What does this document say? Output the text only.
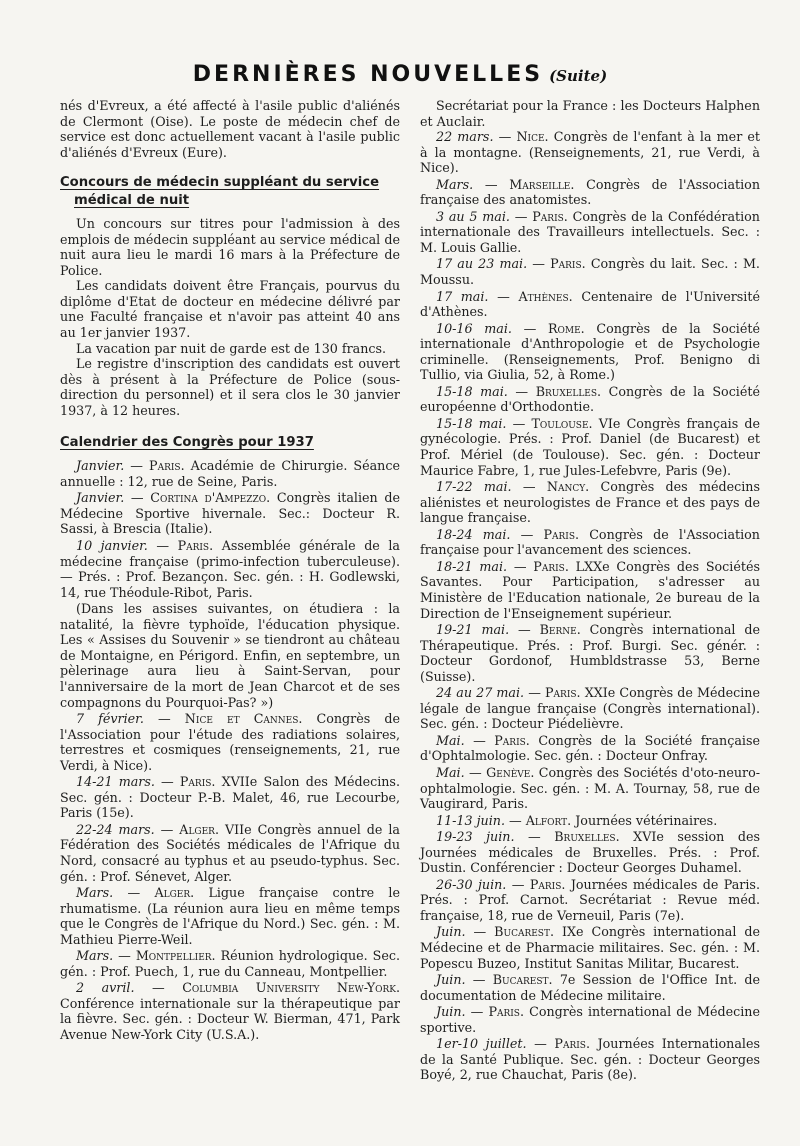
DERNIÈRES NOUVELLES (Suite)

nés d'Evreux, a été affecté à l'asile public d'aliénés de Clermont (Oise). Le poste de médecin chef de service est donc actuellement vacant à l'asile public d'aliénés d'Evreux (Eure).

Concours de médecin suppléant du service
médical de nuit

Un concours sur titres pour l'admission à des emplois de médecin suppléant au service médical de nuit aura lieu le mardi 16 mars à la Préfecture de Police.

Les candidats doivent être Français, pourvus du diplôme d'Etat de docteur en médecine délivré par une Faculté française et n'avoir pas atteint 40 ans au 1er janvier 1937.

La vacation par nuit de garde est de 130 francs.

Le registre d'inscription des candidats est ouvert dès à présent à la Préfecture de Police (sous-direction du personnel) et il sera clos le 30 janvier 1937, à 12 heures.

Calendrier des Congrès pour 1937

Janvier. — Paris. Académie de Chirurgie. Séance annuelle : 12, rue de Seine, Paris.

Janvier. — Cortina d'Ampezzo. Congrès italien de Médecine Sportive hivernale. Sec.: Docteur R. Sassi, à Brescia (Italie).

10 janvier. — Paris. Assemblée générale de la médecine française (primo-infection tuberculeuse). — Prés. : Prof. Bezançon. Sec. gén. : H. Godlewski, 14, rue Théodule-Ribot, Paris.

(Dans les assises suivantes, on étudiera : la natalité, la fièvre typhoïde, l'éducation physique. Les « Assises du Souvenir » se tiendront au château de Montaigne, en Périgord. Enfin, en septembre, un pèlerinage aura lieu à Saint-Servan, pour l'anniversaire de la mort de Jean Charcot et de ses compagnons du Pourquoi-Pas? »)

7 février. — Nice et Cannes. Congrès de l'Association pour l'étude des radiations solaires, terrestres et cosmiques (renseignements, 21, rue Verdi, à Nice).

14-21 mars. — Paris. XVIIe Salon des Médecins. Sec. gén. : Docteur P.-B. Malet, 46, rue Lecourbe, Paris (15e).

22-24 mars. — Alger. VIIe Congrès annuel de la Fédération des Sociétés médicales de l'Afrique du Nord, consacré au typhus et au pseudo-typhus. Sec. gén. : Prof. Sénevet, Alger.

Mars. — Alger. Ligue française contre le rhumatisme. (La réunion aura lieu en même temps que le Congrès de l'Afrique du Nord.) Sec. gén. : M. Mathieu Pierre-Weil.

Mars. — Montpellier. Réunion hydrologique. Sec. gén. : Prof. Puech, 1, rue du Canneau, Montpellier.

2 avril. — Columbia University New-York. Conférence internationale sur la thérapeutique par la fièvre. Sec. gén. : Docteur W. Bierman, 471, Park Avenue New-York City (U.S.A.).

Secrétariat pour la France : les Docteurs Halphen et Auclair.

22 mars. — Nice. Congrès de l'enfant à la mer et à la montagne. (Renseignements, 21, rue Verdi, à Nice).

Mars. — Marseille. Congrès de l'Association française des anatomistes.

3 au 5 mai. — Paris. Congrès de la Confédération internationale des Travailleurs intellectuels. Sec. : M. Louis Gallie.

17 au 23 mai. — Paris. Congrès du lait. Sec. : M. Moussu.

17 mai. — Athènes. Centenaire de l'Université d'Athènes.

10-16 mai. — Rome. Congrès de la Société internationale d'Anthropologie et de Psychologie criminelle. (Renseignements, Prof. Benigno di Tullio, via Giulia, 52, à Rome.)

15-18 mai. — Bruxelles. Congrès de la Société européenne d'Orthodontie.

15-18 mai. — Toulouse. VIe Congrès français de gynécologie. Prés. : Prof. Daniel (de Bucarest) et Prof. Mériel (de Toulouse). Sec. gén. : Docteur Maurice Fabre, 1, rue Jules-Lefebvre, Paris (9e).

17-22 mai. — Nancy. Congrès des médecins aliénistes et neurologistes de France et des pays de langue française.

18-24 mai. — Paris. Congrès de l'Association française pour l'avancement des sciences.

18-21 mai. — Paris. LXXe Congrès des Sociétés Savantes. Pour Participation, s'adresser au Ministère de l'Education nationale, 2e bureau de la Direction de l'Enseignement supérieur.

19-21 mai. — Berne. Congrès international de Thérapeutique. Prés. : Prof. Burgi. Sec. génér. : Docteur Gordonof, Humbldstrasse 53, Berne (Suisse).

24 au 27 mai. — Paris. XXIe Congrès de Médecine légale de langue française (Congrès international). Sec. gén. : Docteur Piédelièvre.

Mai. — Paris. Congrès de la Société française d'Ophtalmologie. Sec. gén. : Docteur Onfray.

Mai. — Genève. Congrès des Sociétés d'oto-neuro-ophtalmologie. Sec. gén. : M. A. Tournay, 58, rue de Vaugirard, Paris.

11-13 juin. — Alfort. Journées vétérinaires.

19-23 juin. — Bruxelles. XVIe session des Journées médicales de Bruxelles. Prés. : Prof. Dustin. Conférencier : Docteur Georges Duhamel.

26-30 juin. — Paris. Journées médicales de Paris. Prés. : Prof. Carnot. Secrétariat : Revue méd. française, 18, rue de Verneuil, Paris (7e).

Juin. — Bucarest. IXe Congrès international de Médecine et de Pharmacie militaires. Sec. gén. : M. Popescu Buzeo, Institut Sanitas Militar, Bucarest.

Juin. — Bucarest. 7e Session de l'Office Int. de documentation de Médecine militaire.

Juin. — Paris. Congrès international de Médecine sportive.

1er-10 juillet. — Paris. Journées Internationales de la Santé Publique. Sec. gén. : Docteur Georges Boyé, 2, rue Chauchat, Paris (8e).
